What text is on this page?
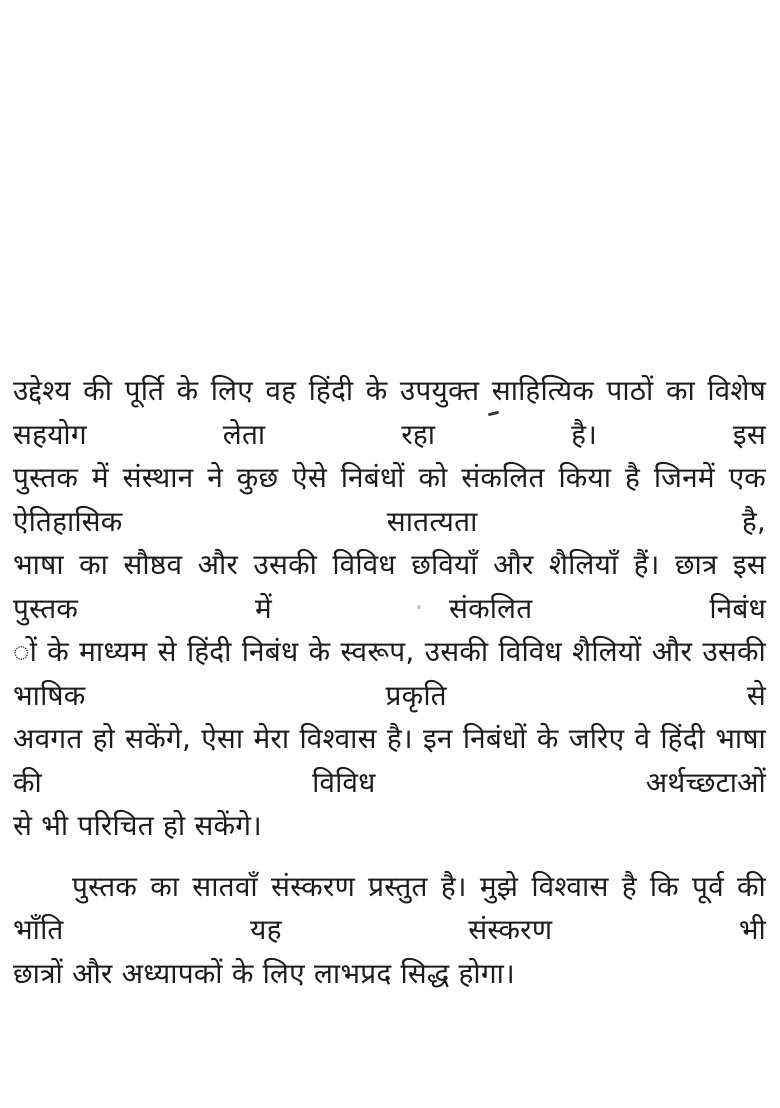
उद्देश्य की पूर्ति के लिए वह हिंदी के उपयुक्त साहित्यिक पाठों का विशेष सहयोग लेता रहा है। इस

पुस्तक में संस्थान ने कुछ ऐसे निबंधों को संकलित किया है जिनमें एक ऐतिहासिक सातत्यता है,

भाषा का सौष्ठव और उसकी विविध छवियाँ और शैलियाँ हैं। छात्र इस पुस्तक में संकलित निबंध

ों के माध्यम से हिंदी निबंध के स्वरूप, उसकी विविध शैलियों और उसकी भाषिक प्रकृति से

अवगत हो सकेंगे, ऐसा मेरा विश्वास है। इन निबंधों के जरिए वे हिंदी भाषा की विविध अर्थच्छटाओं

से भी परिचित हो सकेंगे।

पुस्तक का सातवाँ संस्करण प्रस्तुत है। मुझे विश्वास है कि पूर्व की भाँति यह संस्करण भी

छात्रों और अध्यापकों के लिए लाभप्रद सिद्ध होगा।
